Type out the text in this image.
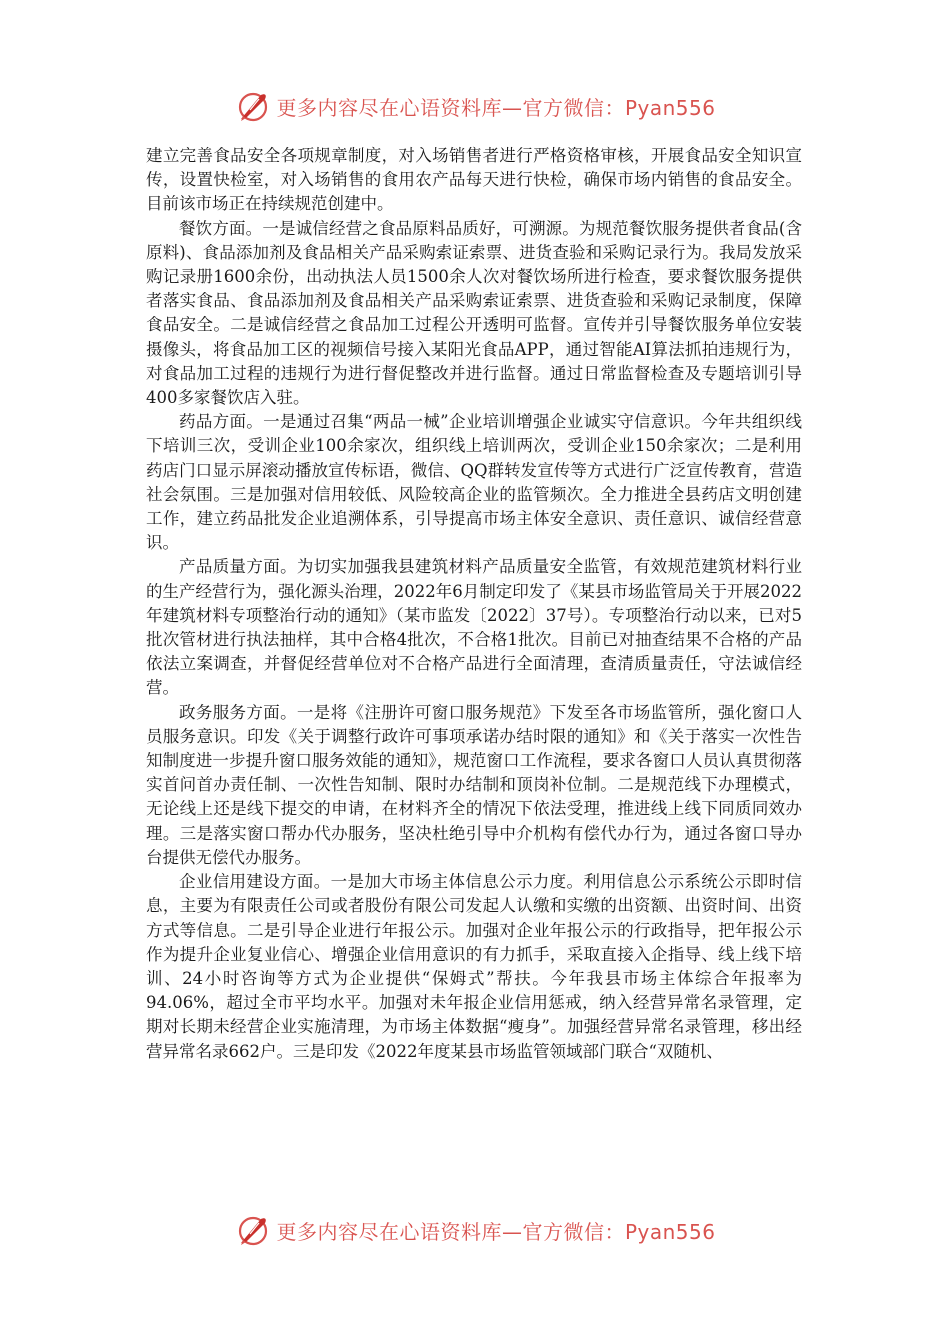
更多内容尽在心语资料库—官方微信：Pyan556

建立完善食品安全各项规章制度，对入场销售者进行严格资格审核，开展食品安全知识宣传，设置快检室，对入场销售的食用农产品每天进行快检，确保市场内销售的食品安全。目前该市场正在持续规范创建中。

餐饮方面。一是诚信经营之食品原料品质好，可溯源。为规范餐饮服务提供者食品(含原料)、食品添加剂及食品相关产品采购索证索票、进货查验和采购记录行为。我局发放采购记录册1600余份，出动执法人员1500余人次对餐饮场所进行检查，要求餐饮服务提供者落实食品、食品添加剂及食品相关产品采购索证索票、进货查验和采购记录制度，保障食品安全。二是诚信经营之食品加工过程公开透明可监督。宣传并引导餐饮服务单位安装摄像头，将食品加工区的视频信号接入某阳光食品APP，通过智能AI算法抓拍违规行为，对食品加工过程的违规行为进行督促整改并进行监督。通过日常监督检查及专题培训引导400多家餐饮店入驻。

药品方面。一是通过召集“两品一械”企业培训增强企业诚实守信意识。今年共组织线下培训三次，受训企业100余家次，组织线上培训两次，受训企业150余家次；二是利用药店门口显示屏滚动播放宣传标语，微信、QQ群转发宣传等方式进行广泛宣传教育，营造社会氛围。三是加强对信用较低、风险较高企业的监管频次。全力推进全县药店文明创建工作，建立药品批发企业追溯体系，引导提高市场主体安全意识、责任意识、诚信经营意识。

产品质量方面。为切实加强我县建筑材料产品质量安全监管，有效规范建筑材料行业的生产经营行为，强化源头治理，2022年6月制定印发了《某县市场监管局关于开展2022年建筑材料专项整治行动的通知》（某市监发〔2022〕37号）。专项整治行动以来，已对5批次管材进行执法抽样，其中合格4批次，不合格1批次。目前已对抽查结果不合格的产品依法立案调查，并督促经营单位对不合格产品进行全面清理，查清质量责任，守法诚信经营。

政务服务方面。一是将《注册许可窗口服务规范》下发至各市场监管所，强化窗口人员服务意识。印发《关于调整行政许可事项承诺办结时限的通知》和《关于落实一次性告知制度进一步提升窗口服务效能的通知》，规范窗口工作流程，要求各窗口人员认真贯彻落实首问首办责任制、一次性告知制、限时办结制和顶岗补位制。二是规范线下办理模式，无论线上还是线下提交的申请，在材料齐全的情况下依法受理，推进线上线下同质同效办理。三是落实窗口帮办代办服务，坚决杜绝引导中介机构有偿代办行为，通过各窗口导办台提供无偿代办服务。

企业信用建设方面。一是加大市场主体信息公示力度。利用信息公示系统公示即时信息，主要为有限责任公司或者股份有限公司发起人认缴和实缴的出资额、出资时间、出资方式等信息。二是引导企业进行年报公示。加强对企业年报公示的行政指导，把年报公示作为提升企业复业信心、增强企业信用意识的有力抓手，采取直接入企指导、线上线下培训、24小时咨询等方式为企业提供“保姆式”帮扶。今年我县市场主体综合年报率为94.06%，超过全市平均水平。加强对未年报企业信用惩戒，纳入经营异常名录管理，定期对长期未经营企业实施清理，为市场主体数据“瘦身”。加强经营异常名录管理，移出经营异常名录662户。三是印发《2022年度某县市场监管领域部门联合“双随机、

更多内容尽在心语资料库—官方微信：Pyan556
